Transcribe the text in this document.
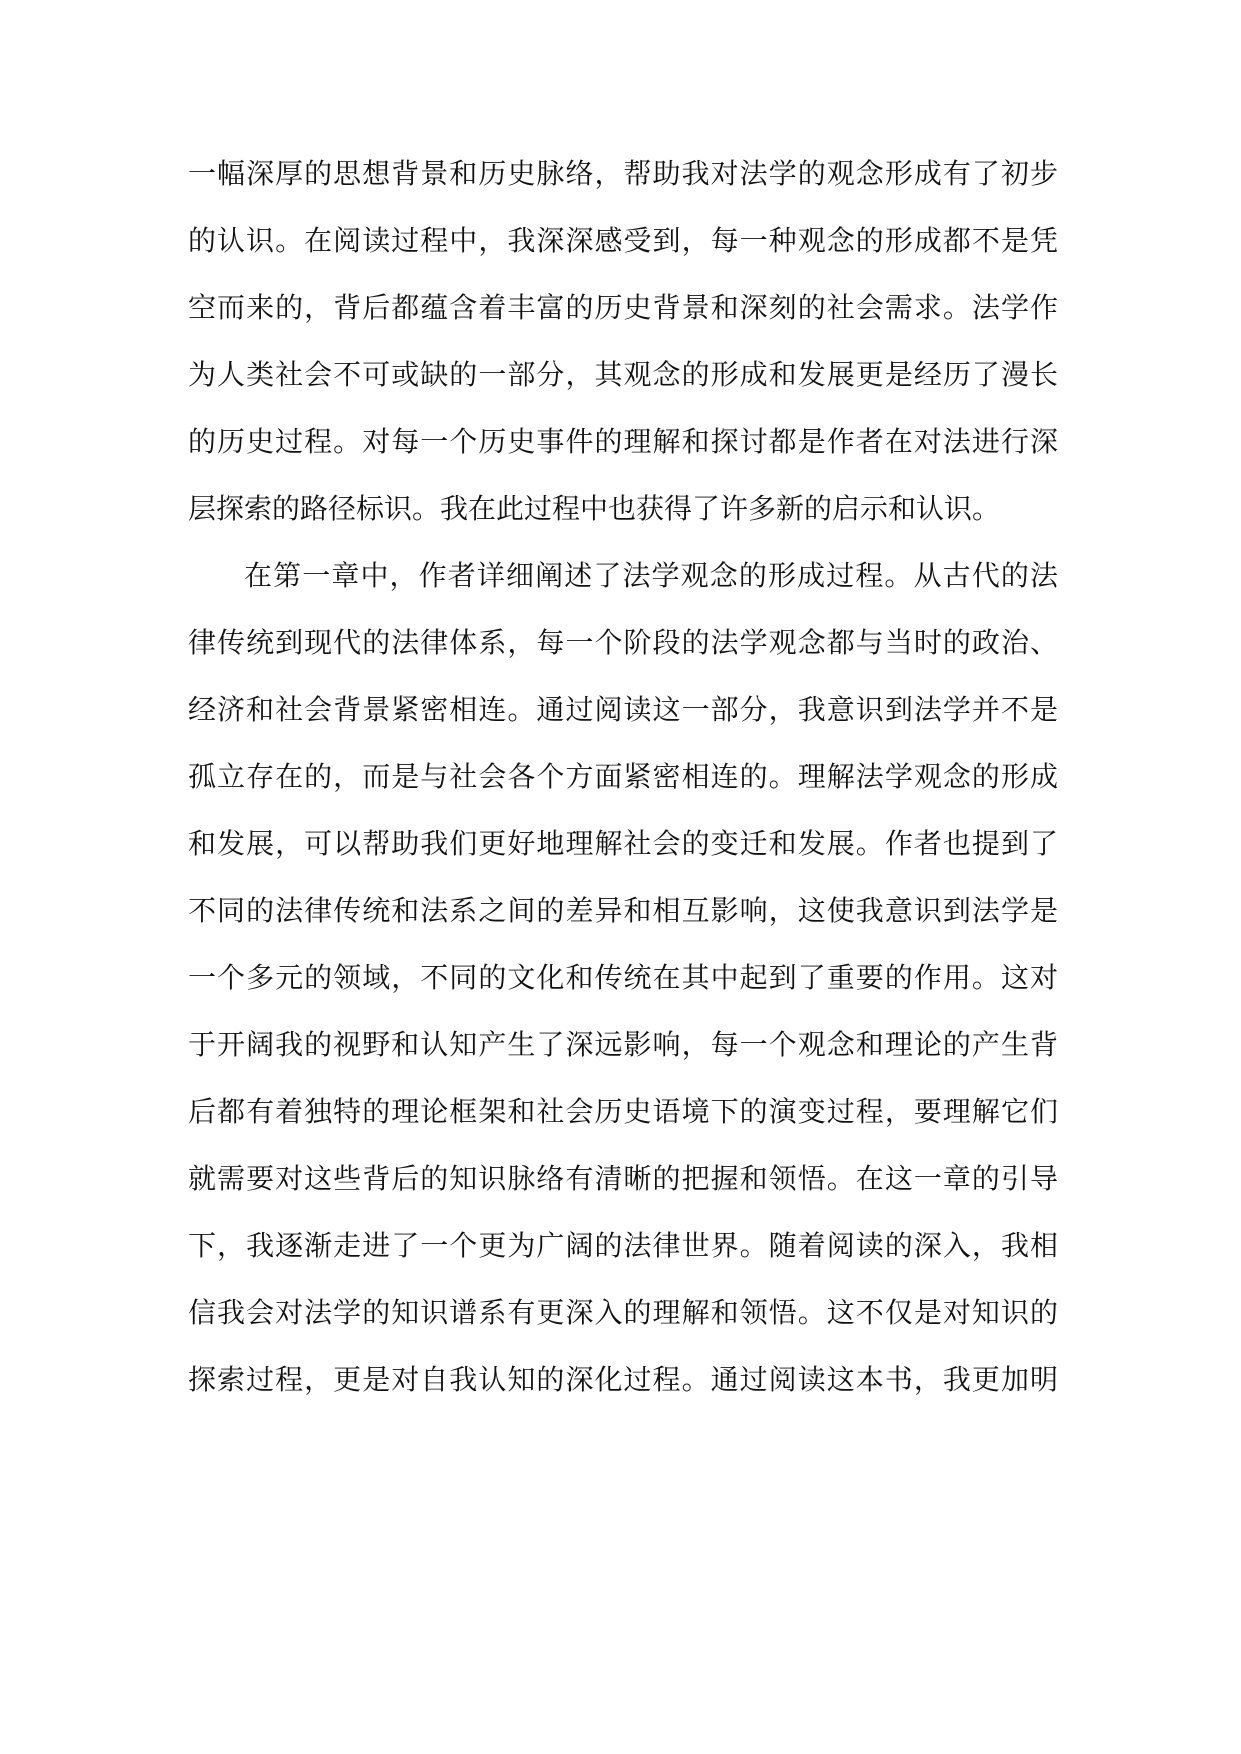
一幅深厚的思想背景和历史脉络，帮助我对法学的观念形成有了初步
的认识。在阅读过程中，我深深感受到，每一种观念的形成都不是凭
空而来的，背后都蕴含着丰富的历史背景和深刻的社会需求。法学作
为人类社会不可或缺的一部分，其观念的形成和发展更是经历了漫长
的历史过程。对每一个历史事件的理解和探讨都是作者在对法进行深
层探索的路径标识。我在此过程中也获得了许多新的启示和认识。
在第一章中，作者详细阐述了法学观念的形成过程。从古代的法
律传统到现代的法律体系，每一个阶段的法学观念都与当时的政治、
经济和社会背景紧密相连。通过阅读这一部分，我意识到法学并不是
孤立存在的，而是与社会各个方面紧密相连的。理解法学观念的形成
和发展，可以帮助我们更好地理解社会的变迁和发展。作者也提到了
不同的法律传统和法系之间的差异和相互影响，这使我意识到法学是
一个多元的领域，不同的文化和传统在其中起到了重要的作用。这对
于开阔我的视野和认知产生了深远影响，每一个观念和理论的产生背
后都有着独特的理论框架和社会历史语境下的演变过程，要理解它们
就需要对这些背后的知识脉络有清晰的把握和领悟。在这一章的引导
下，我逐渐走进了一个更为广阔的法律世界。随着阅读的深入，我相
信我会对法学的知识谱系有更深入的理解和领悟。这不仅是对知识的
探索过程，更是对自我认知的深化过程。通过阅读这本书，我更加明
